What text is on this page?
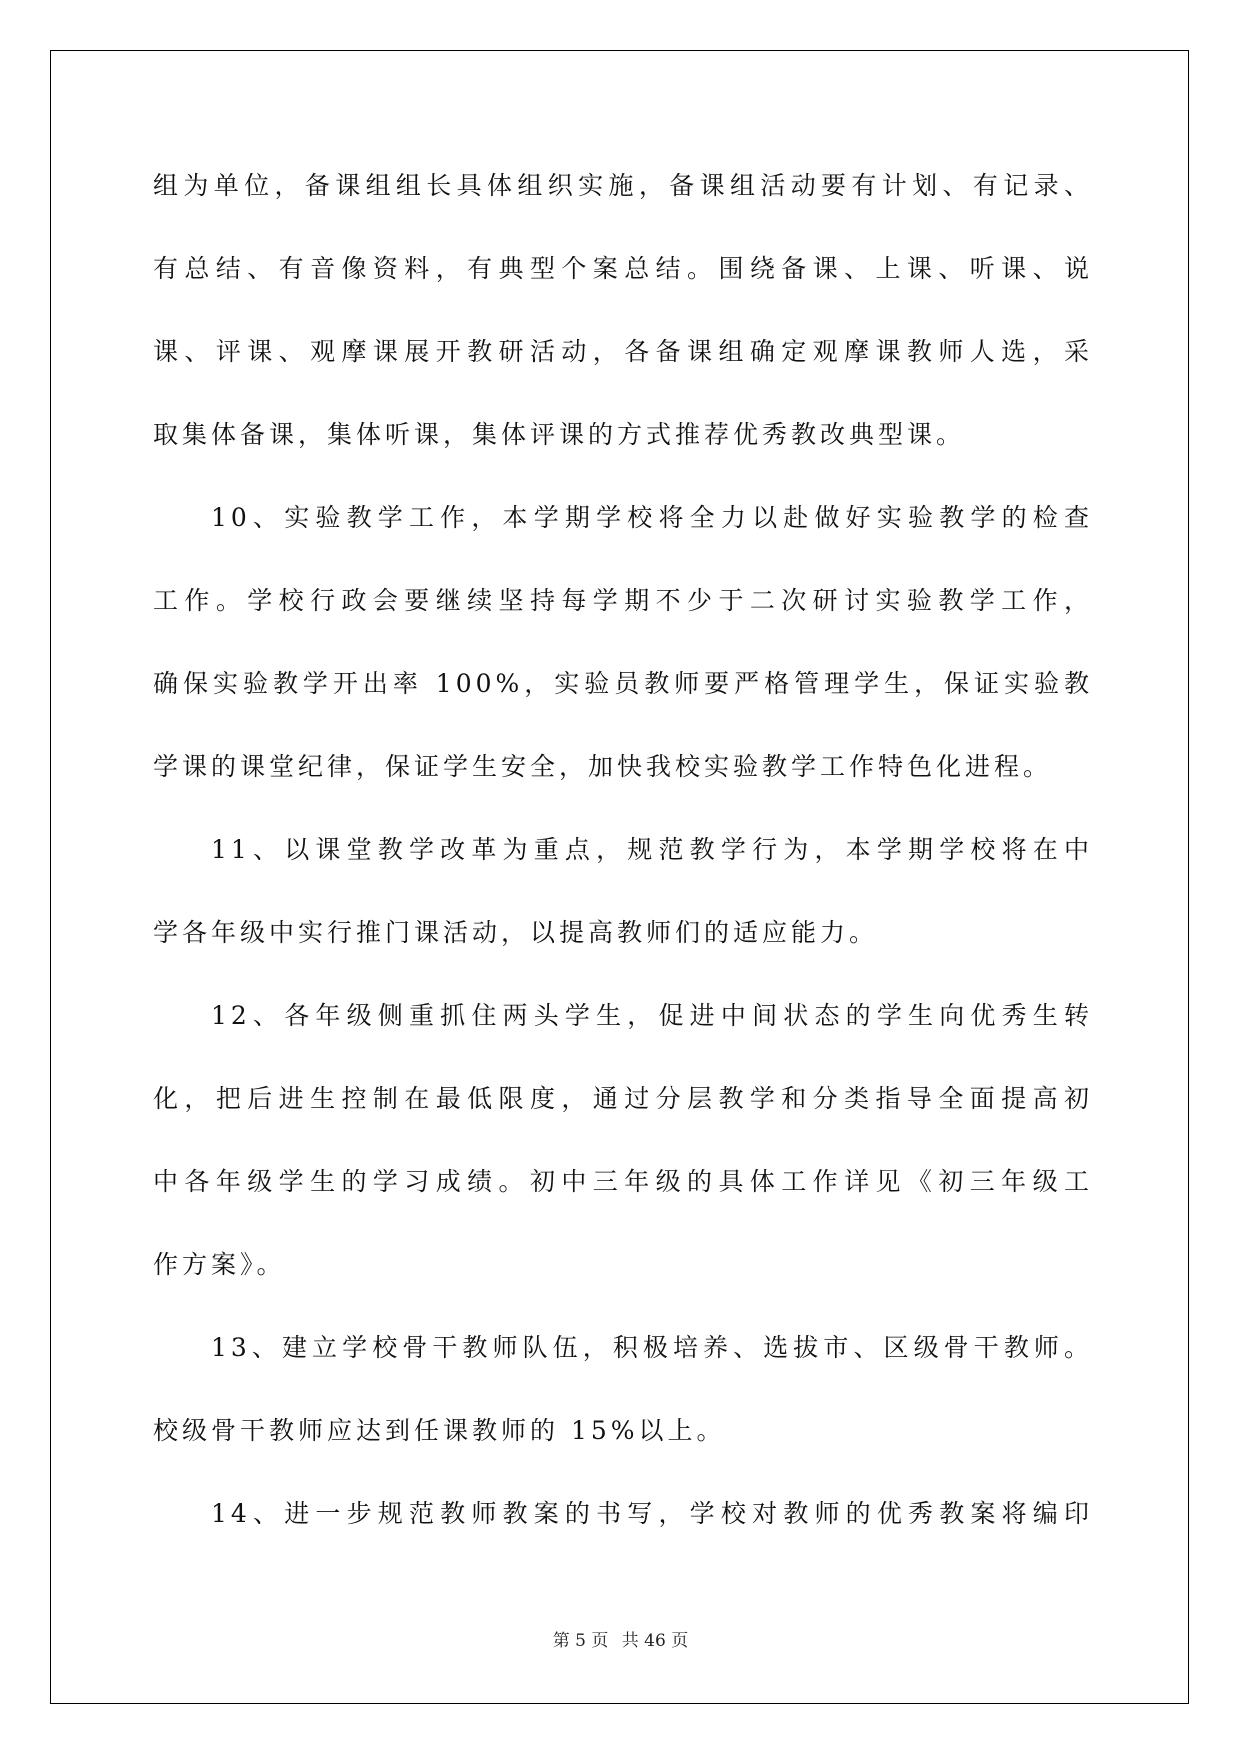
组为单位，备课组组长具体组织实施，备课组活动要有计划、有记录、
有总结、有音像资料，有典型个案总结。围绕备课、上课、听课、说
课、评课、观摩课展开教研活动，各备课组确定观摩课教师人选，采
取集体备课，集体听课，集体评课的方式推荐优秀教改典型课。
10、实验教学工作，本学期学校将全力以赴做好实验教学的检查
工作。学校行政会要继续坚持每学期不少于二次研讨实验教学工作，
确保实验教学开出率 100%，实验员教师要严格管理学生，保证实验教
学课的课堂纪律，保证学生安全，加快我校实验教学工作特色化进程。
11、以课堂教学改革为重点，规范教学行为，本学期学校将在中
学各年级中实行推门课活动，以提高教师们的适应能力。
12、各年级侧重抓住两头学生，促进中间状态的学生向优秀生转
化，把后进生控制在最低限度，通过分层教学和分类指导全面提高初
中各年级学生的学习成绩。初中三年级的具体工作详见《初三年级工
作方案》。
13、建立学校骨干教师队伍，积极培养、选拔市、区级骨干教师。
校级骨干教师应达到任课教师的 15%以上。
14、进一步规范教师教案的书写，学校对教师的优秀教案将编印
第 5 页 共 46 页
